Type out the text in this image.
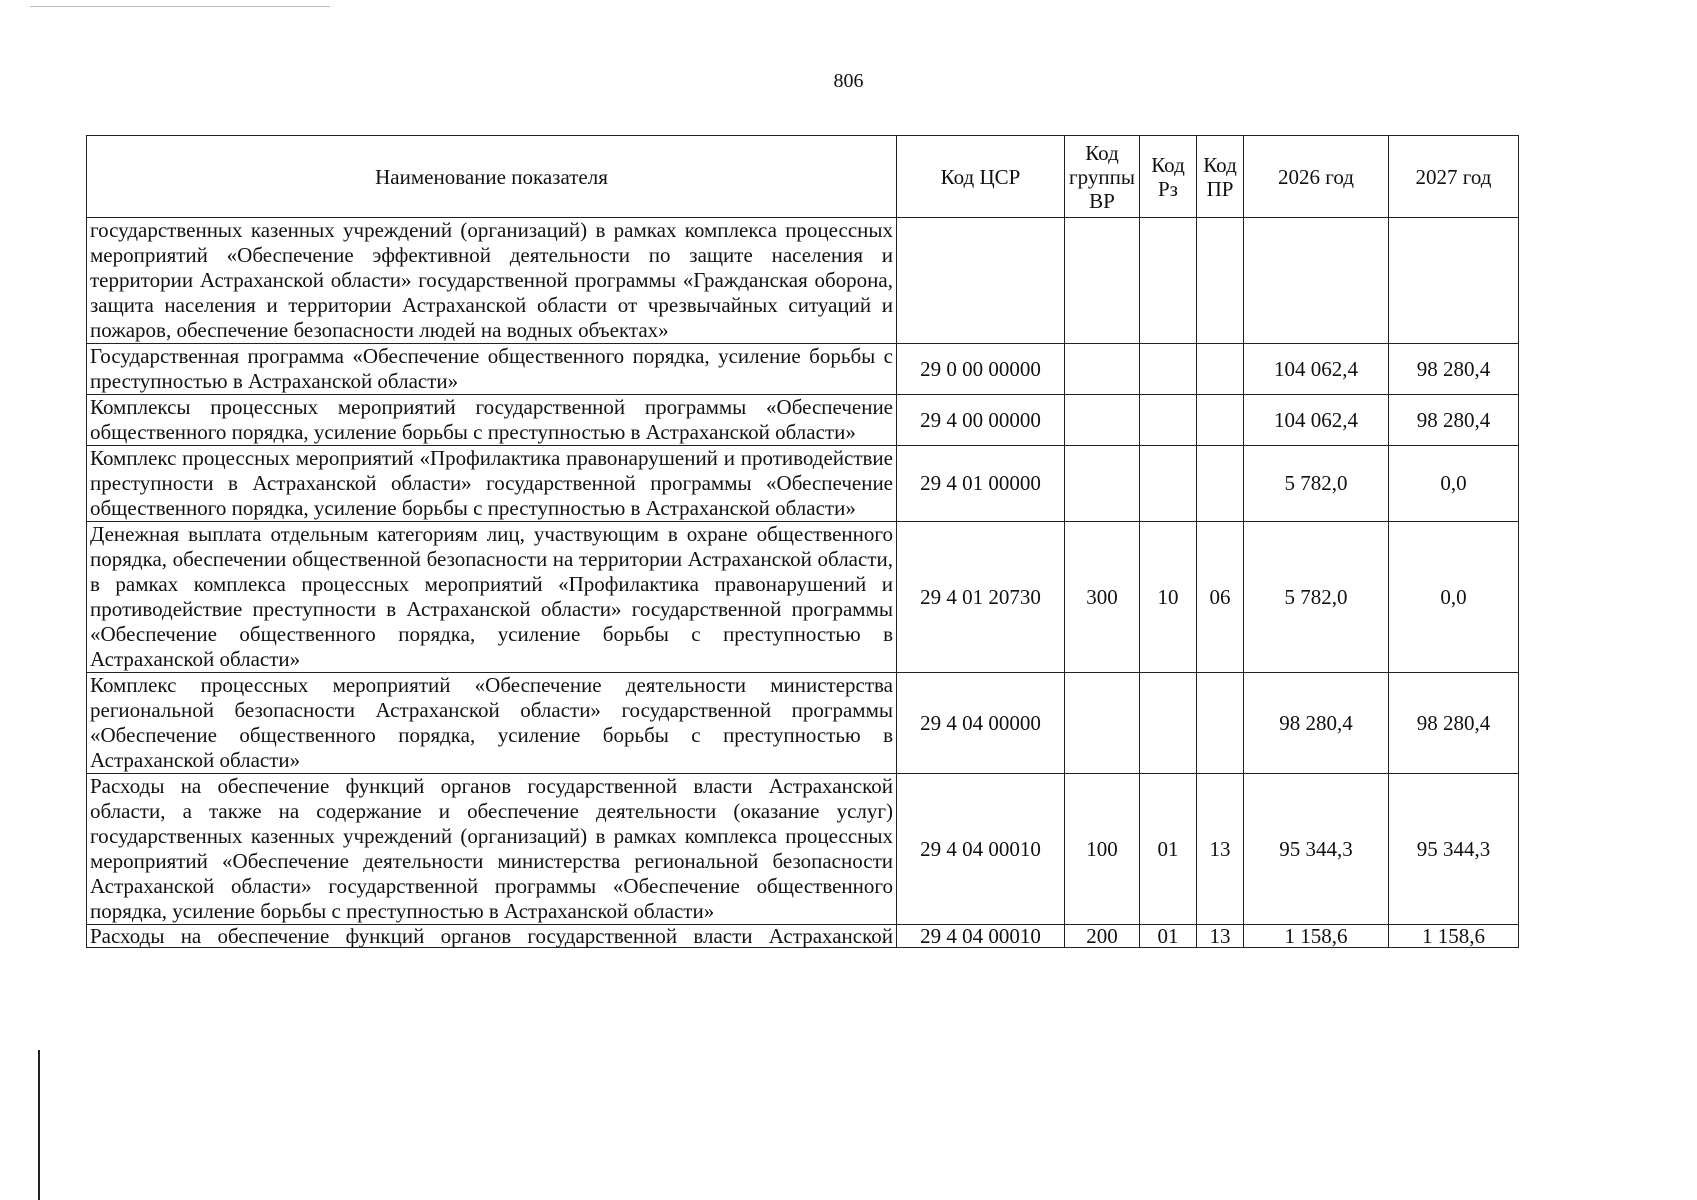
806
Наименование показателя	Код ЦСР	Код группы ВР	Код Рз	Код ПР	2026 год	2027 год
государственных казенных учреждений (организаций) в рамках комплекса процессных мероприятий «Обеспечение эффективной деятельности по защите населения и территории Астраханской области» государственной программы «Гражданская оборона, защита населения и территории Астраханской области от чрезвычайных ситуаций и пожаров, обеспечение безопасности людей на водных объектах»						
Государственная программа «Обеспечение общественного порядка, усиление борьбы с преступностью в Астраханской области»	29 0 00 00000				104 062,4	98 280,4
Комплексы процессных мероприятий государственной программы «Обеспечение общественного порядка, усиление борьбы с преступностью в Астраханской области»	29 4 00 00000				104 062,4	98 280,4
Комплекс процессных мероприятий «Профилактика правонарушений и противодействие преступности в Астраханской области» государственной программы «Обеспечение общественного порядка, усиление борьбы с преступностью в Астраханской области»	29 4 01 00000				5 782,0	0,0
Денежная выплата отдельным категориям лиц, участвующим в охране общественного порядка, обеспечении общественной безопасности на территории Астраханской области, в рамках комплекса процессных мероприятий «Профилактика правонарушений и противодействие преступности в Астраханской области» государственной программы «Обеспечение общественного порядка, усиление борьбы с преступностью в Астраханской области»	29 4 01 20730	300	10	06	5 782,0	0,0
Комплекс процессных мероприятий «Обеспечение деятельности министерства региональной безопасности Астраханской области» государственной программы «Обеспечение общественного порядка, усиление борьбы с преступностью в Астраханской области»	29 4 04 00000				98 280,4	98 280,4
Расходы на обеспечение функций органов государственной власти Астраханской области, а также на содержание и обеспечение деятельности (оказание услуг) государственных казенных учреждений (организаций) в рамках комплекса процессных мероприятий «Обеспечение деятельности министерства региональной безопасности Астраханской области» государственной программы «Обеспечение общественного порядка, усиление борьбы с преступностью в Астраханской области»	29 4 04 00010	100	01	13	95 344,3	95 344,3
Расходы на обеспечение функций органов государственной власти Астраханской	29 4 04 00010	200	01	13	1 158,6	1 158,6
